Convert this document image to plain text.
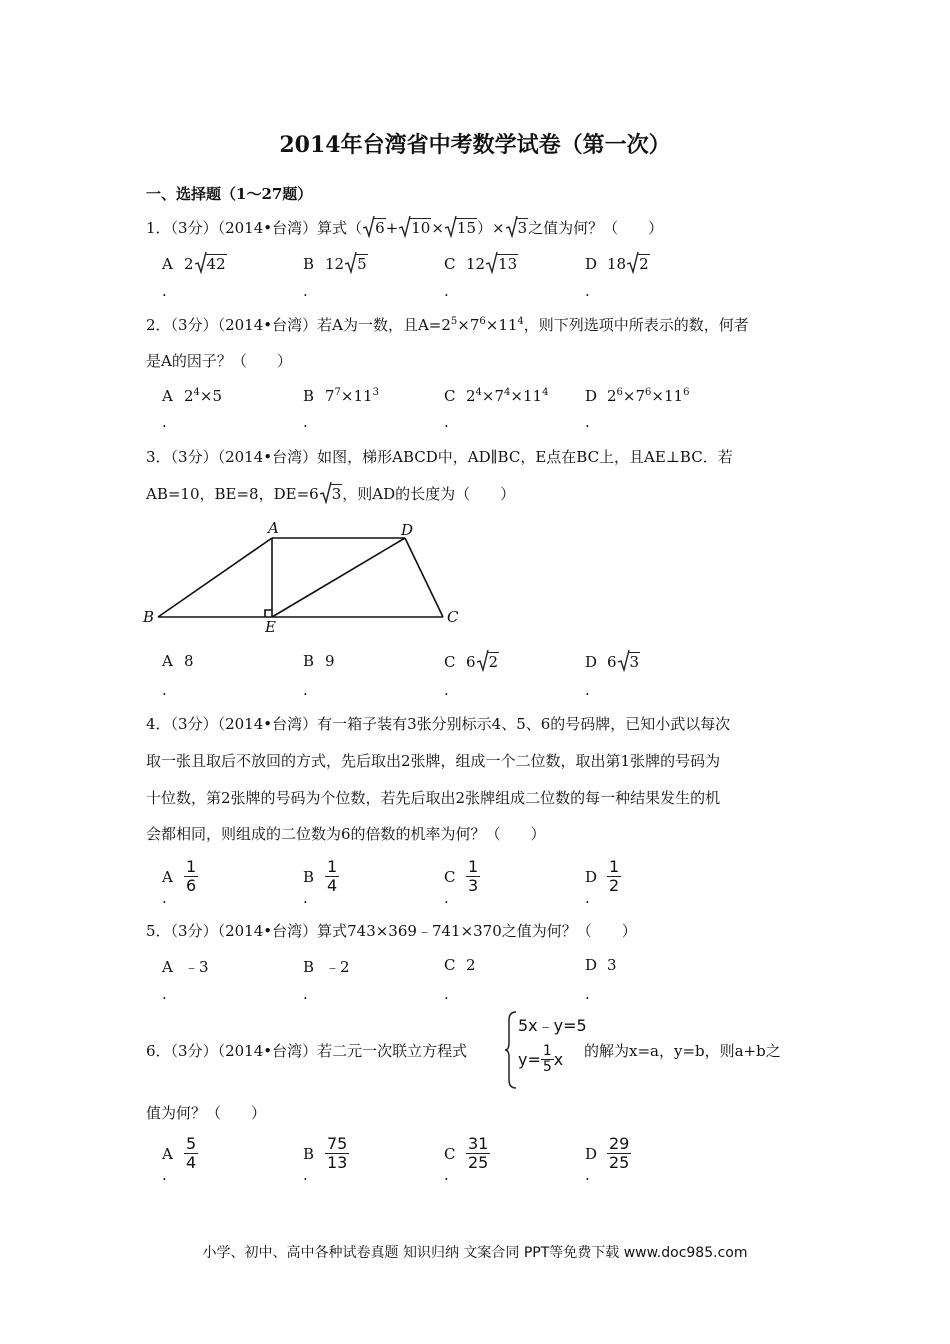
2014年台湾省中考数学试卷（第一次）
一、选择题（1～27题）
1．（3分）（2014•台湾）算式（ 6+ 10× 15）× 3之值为何？（　　）
A 2 42	B 12 5	C 12 13	D 18 2
.	.	.	.
2．（3分）（2014•台湾）若A为一数，且$A=2^5\times 7^6\times 11^4$，则下列选项中所表示的数，何者
是A的因子？（　　）
A $2^4\times 5$	B $7^7\times 11^3$	C $2^4\times 7^4\times 11^4$ D $2^6\times 7^6\times 11^6$
.	.	.	.
3．（3分）（2014•台湾）如图，梯形ABCD中，AD∥BC，E点在BC上，且AE⊥BC．若
AB=10，BE=8，DE=6 3，则AD的长度为（　　）
A
B	C
D
E
A 8	B 9	C 6 2	D 6 3
.	.	.	.
4．（3分）（2014•台湾）有一箱子装有3张分别标示4、5、6的号码牌，已知小武以每次
取一张且取后不放回的方式，先后取出2张牌，组成一个二位数，取出第1张牌的号码为
十位数，第2张牌的号码为个位数，若先后取出2张牌组成二位数的每一种结果发生的机
会都相同，则组成的二位数为6的倍数的机率为何？（　　）
A $\frac{1}{6}$	B $\frac{1}{4}$	C $\frac{1}{3}$	D $\frac{1}{2}$
.	.	.	.
5．（3分）（2014•台湾）算式743×369﹣741×370之值为何？（　　）
A ﹣3	B ﹣2	C 2	D 3
.	.	.	.
6．（3分）（2014•台湾）若二元一次联立方程式
5x﹣y=5
$y= \frac{1}{5}$ x 的解为x=a，y=b，则a+b之
值为何？（　　）
A $\frac{5}{4}$	B $\frac{75}{13}$	C $\frac{31}{25}$	D $\frac{29}{25}$
.	.	.	.
小学、初中、高中各种试卷真题 知识归纳 文案合同 PPT等免费下载 www.doc985.com
